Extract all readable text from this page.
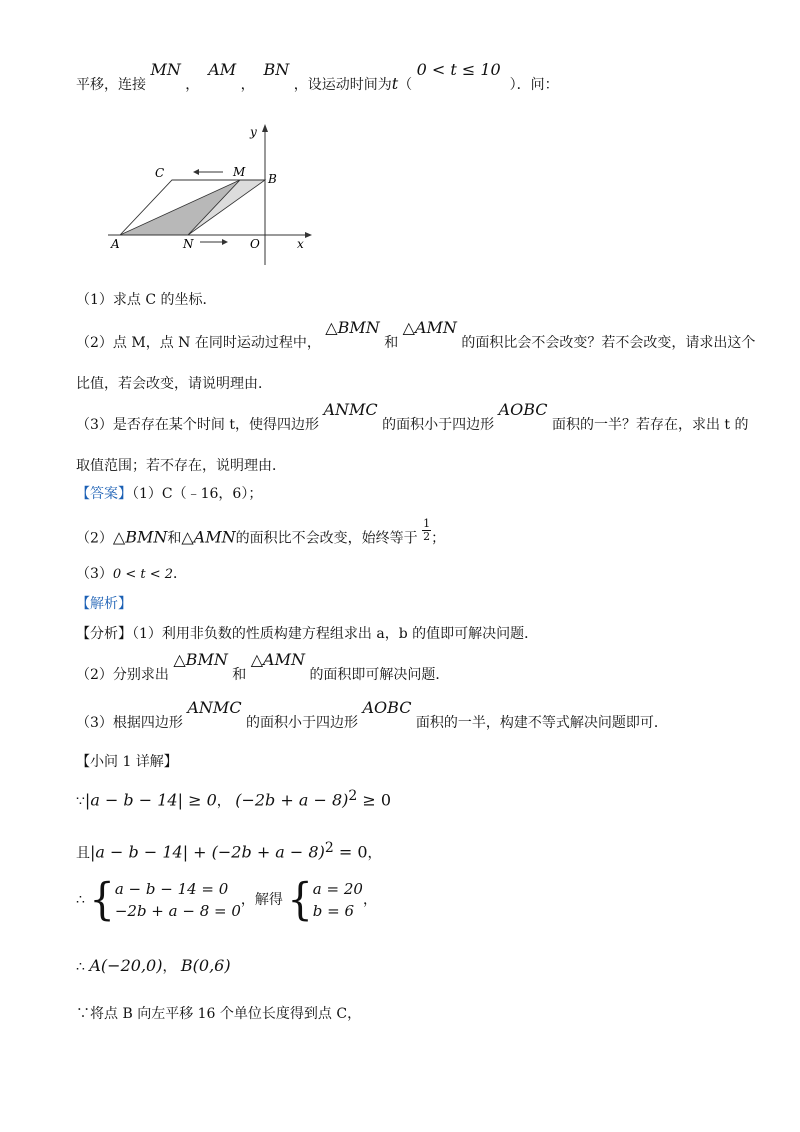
平移，连接 MN ，  AM ，  BN ，设运动时间为t（ 0 < t ≤ 10  ）．问：
y
C	M B
A	N	O	x
（1）求点 C 的坐标．
（2）点 M，点 N 在同时运动过程中， △BMN 和 △AMN 的面积比会不会改变？若不会改变，请求出这个
比值，若会改变，请说明理由．
（3）是否存在某个时间 t，使得四边形 ANMC 的面积小于四边形 AOBC 面积的一半？若存在，求出 t 的
取值范围；若不存在，说明理由．
【答案】（1）C（﹣16，6）；
（2）△BMN和△AMN的面积比不会改变，始终等于 $\frac{1}{2}$ ；
（3）0 < t < 2．
【解析】
【分析】（1）利用非负数的性质构建方程组求出 a，b 的值即可解决问题．
（2）分别求出 △BMN 和 △AMN 的面积即可解决问题．
（3）根据四边形 ANMC 的面积小于四边形 AOBC 面积的一半，构建不等式解决问题即可．
【小问 1 详解】
∵|a − b − 14| ≥ 0， $(-2b + a - 8)^2 \ge 0$
且$|a - b - 14| + (-2b + a - 8)^2 = 0$，
∴ { a − b − 14 = 0
−2b + a − 8 = 0
，解得 { a = 20
b = 6
，
∴ A(−20,0)， B(0,6)
∵将点 B 向左平移 16 个单位长度得到点 C，
